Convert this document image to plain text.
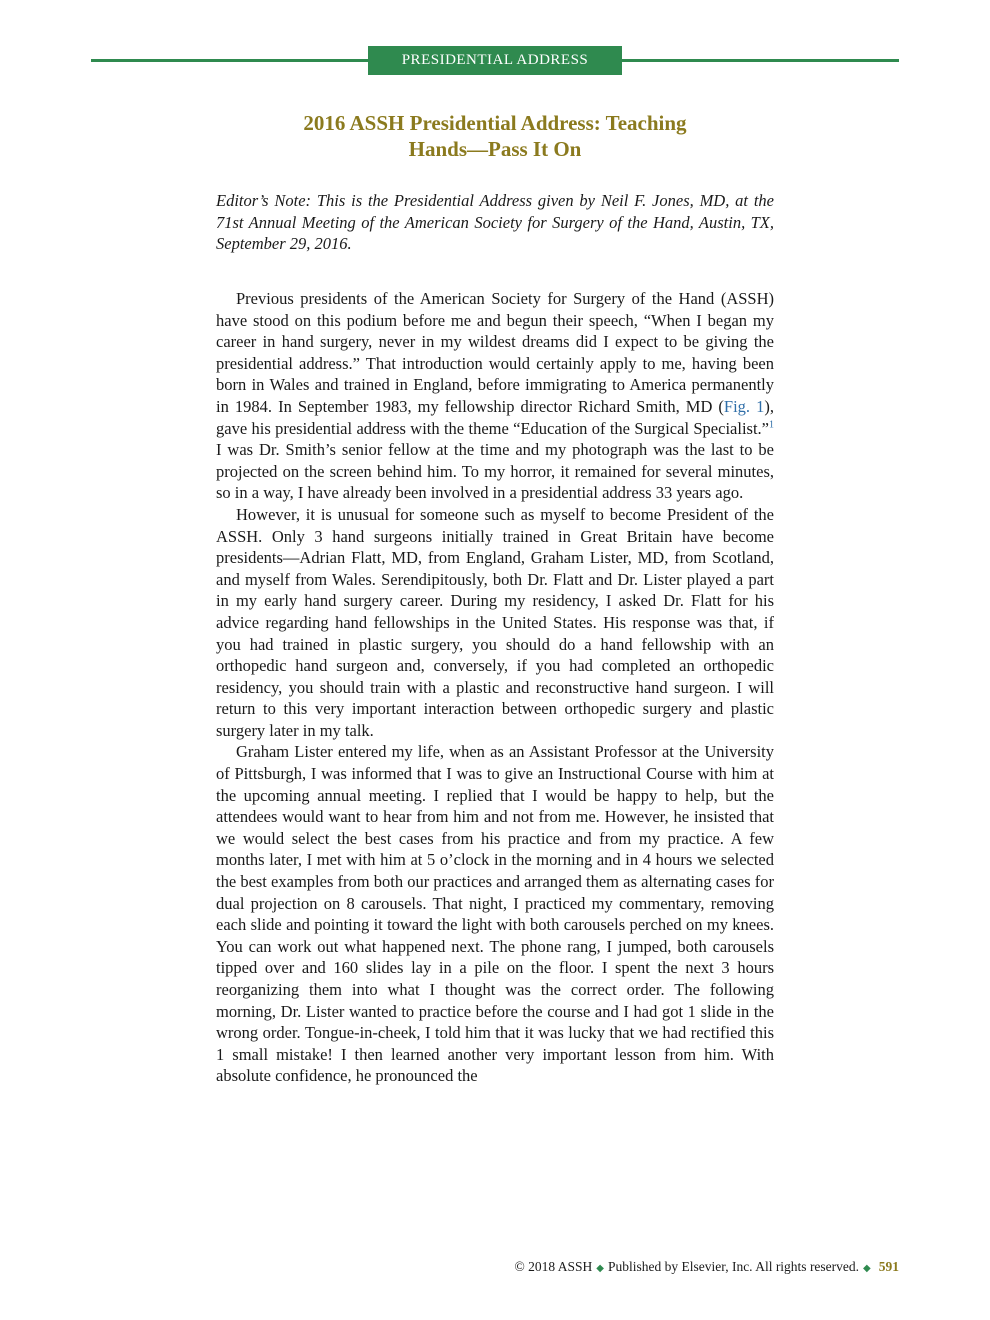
PRESIDENTIAL ADDRESS
2016 ASSH Presidential Address: Teaching
Hands—Pass It On
Editor’s Note: This is the Presidential Address given by Neil F. Jones, MD, at the 71st Annual Meeting of the American Society for Surgery of the Hand, Austin, TX, September 29, 2016.

Previous presidents of the American Society for Surgery of the Hand (ASSH) have stood on this podium before me and begun their speech, “When I began my career in hand surgery, never in my wildest dreams did I expect to be giving the presidential address.” That introduction would certainly apply to me, having been born in Wales and trained in England, before immigrating to America permanently in 1984. In September 1983, my fellowship director Richard Smith, MD (Fig. 1), gave his presidential address with the theme “Education of the Surgical Specialist.”$^1$ I was Dr. Smith’s senior fellow at the time and my photograph was the last to be projected on the screen behind him. To my horror, it remained for several minutes, so in a way, I have already been involved in a presidential address 33 years ago.

However, it is unusual for someone such as myself to become President of the ASSH. Only 3 hand surgeons initially trained in Great Britain have become presidents—Adrian Flatt, MD, from England, Graham Lister, MD, from Scotland, and myself from Wales. Serendipitously, both Dr. Flatt and Dr. Lister played a part in my early hand surgery career. During my residency, I asked Dr. Flatt for his advice regarding hand fellowships in the United States. His response was that, if you had trained in plastic surgery, you should do a hand fellowship with an orthopedic hand surgeon and, conversely, if you had completed an orthopedic residency, you should train with a plastic and reconstructive hand surgeon. I will return to this very important interaction between orthopedic surgery and plastic surgery later in my talk.

Graham Lister entered my life, when as an Assistant Professor at the University of Pittsburgh, I was informed that I was to give an Instructional Course with him at the upcoming annual meeting. I replied that I would be happy to help, but the attendees would want to hear from him and not from me. However, he insisted that we would select the best cases from his practice and from my practice. A few months later, I met with him at 5 o’clock in the morning and in 4 hours we selected the best examples from both our practices and arranged them as alternating cases for dual projection on 8 carousels. That night, I practiced my commentary, removing each slide and pointing it toward the light with both carousels perched on my knees. You can work out what happened next. The phone rang, I jumped, both carousels tipped over and 160 slides lay in a pile on the floor. I spent the next 3 hours reorganizing them into what I thought was the correct order. The following morning, Dr. Lister wanted to practice before the course and I had got 1 slide in the wrong order. Tongue-in-cheek, I told him that it was lucky that we had rectified this 1 small mistake! I then learned another very important lesson from him. With absolute confidence, he pronounced the

© 2018 ASSH ◆ Published by Elsevier, Inc. All rights reserved. ◆ 591
